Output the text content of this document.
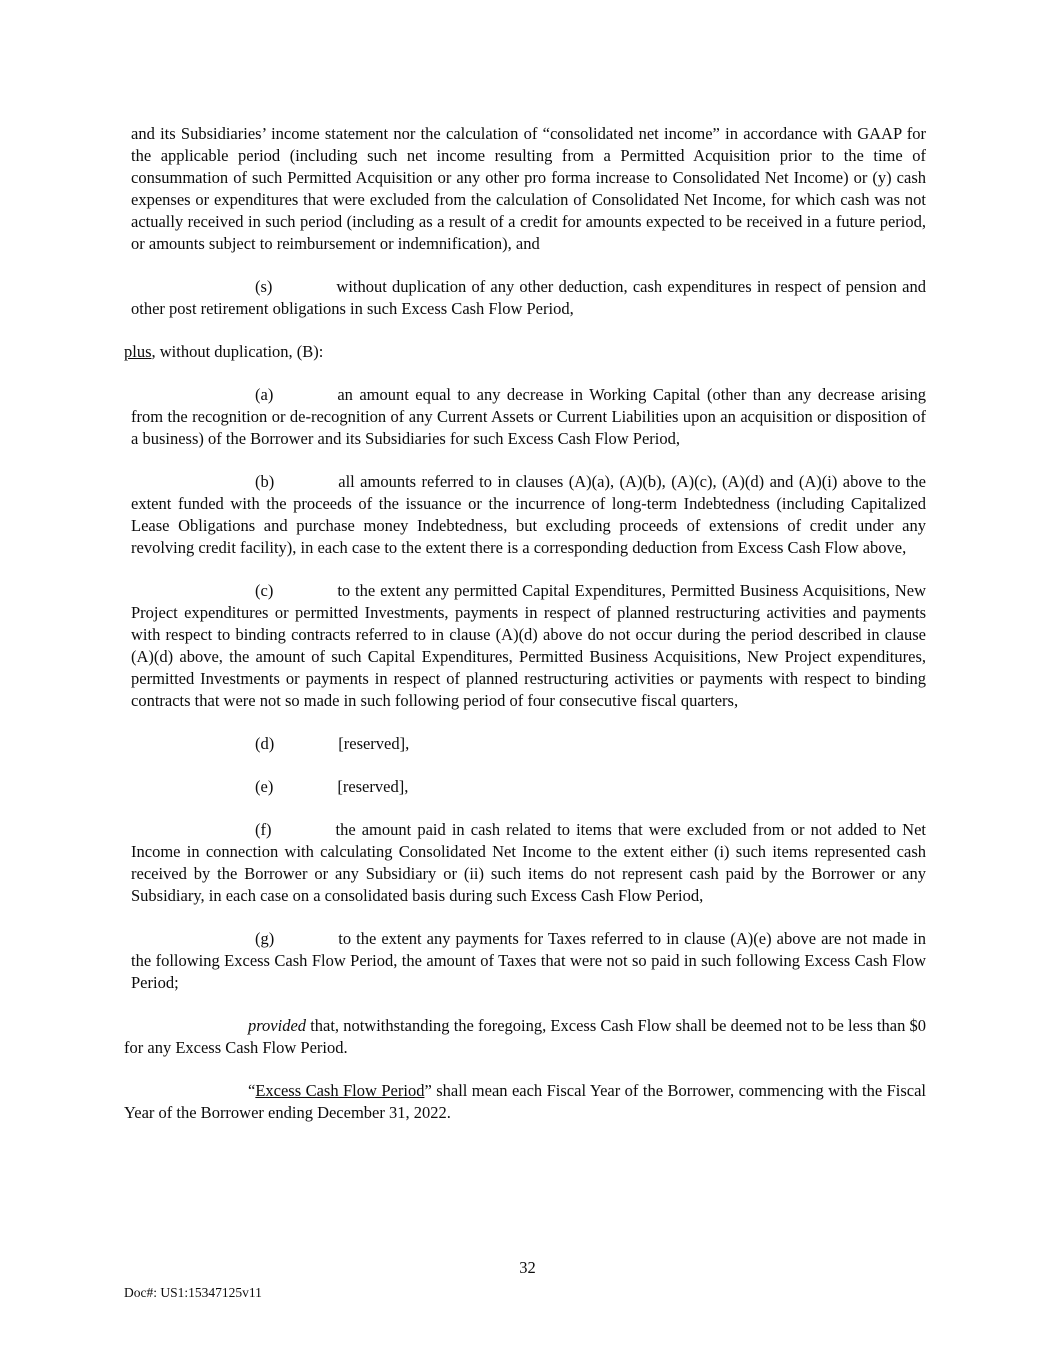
and its Subsidiaries’ income statement nor the calculation of “consolidated net income” in accordance with GAAP for the applicable period (including such net income resulting from a Permitted Acquisition prior to the time of consummation of such Permitted Acquisition or any other pro forma increase to Consolidated Net Income) or (y) cash expenses or expenditures that were excluded from the calculation of Consolidated Net Income, for which cash was not actually received in such period (including as a result of a credit for amounts expected to be received in a future period, or amounts subject to reimbursement or indemnification), and

(s)	without duplication of any other deduction, cash expenditures in respect of pension and other post retirement obligations in such Excess Cash Flow Period,

plus, without duplication, (B):

(a)	an amount equal to any decrease in Working Capital (other than any decrease arising from the recognition or de-recognition of any Current Assets or Current Liabilities upon an acquisition or disposition of a business) of the Borrower and its Subsidiaries for such Excess Cash Flow Period,

(b)	all amounts referred to in clauses (A)(a), (A)(b), (A)(c), (A)(d) and (A)(i) above to the extent funded with the proceeds of the issuance or the incurrence of long-term Indebtedness (including Capitalized Lease Obligations and purchase money Indebtedness, but excluding proceeds of extensions of credit under any revolving credit facility), in each case to the extent there is a corresponding deduction from Excess Cash Flow above,

(c)	to the extent any permitted Capital Expenditures, Permitted Business Acquisitions, New Project expenditures or permitted Investments, payments in respect of planned restructuring activities and payments with respect to binding contracts referred to in clause (A)(d) above do not occur during the period described in clause (A)(d) above, the amount of such Capital Expenditures, Permitted Business Acquisitions, New Project expenditures, permitted Investments or payments in respect of planned restructuring activities or payments with respect to binding contracts that were not so made in such following period of four consecutive fiscal quarters,

(d)	[reserved],

(e)	[reserved],

(f)	the amount paid in cash related to items that were excluded from or not added to Net Income in connection with calculating Consolidated Net Income to the extent either (i) such items represented cash received by the Borrower or any Subsidiary or (ii) such items do not represent cash paid by the Borrower or any Subsidiary, in each case on a consolidated basis during such Excess Cash Flow Period,

(g)	to the extent any payments for Taxes referred to in clause (A)(e) above are not made in the following Excess Cash Flow Period, the amount of Taxes that were not so paid in such following Excess Cash Flow Period;

provided that, notwithstanding the foregoing, Excess Cash Flow shall be deemed not to be less than $0 for any Excess Cash Flow Period.

“Excess Cash Flow Period” shall mean each Fiscal Year of the Borrower, commencing with the Fiscal Year of the Borrower ending December 31, 2022.

32
Doc#: US1:15347125v11
